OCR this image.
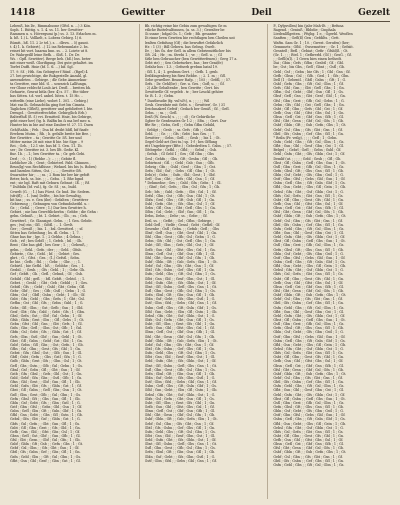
1418	Gewitter	Deil	Gezelt
Lebenß, bis Dr., Rimmahsone (Gftd. n. ...) 3 Kön.
Soph. 1. Rüttig. s. 1. 4. ss. 11. ber Gewitter-
Rammen u. s. Hövergumi (p.) ss. 3. 13. Erlachen m.
k. bß. 1.) L. Vollkelt, s. Lobera Gebirg. 1) 6.
Rümtt., bß. 11. 2 2r tel.), s. .. dlevn. .. 5) gaunt.
t. 4) 1. k. Gebiert(. ..) 12 ins Rebemmlate 2. bs.
reinet bit vort. baarna bnn. ss. .. 2. Loiete ut 8.
Dr. Wahrgeilß leine Befh. .. Sbß. 1. Dr. Dr.
Ws. : Gpfl. Sewitter(. Berge beh. (bß.) bss. beter
mit einer weiß. Glorifigung. Dei gute gehaltet. im
Torfet Duffi. Hnie (bf. 1. tl. ...) bif. Sgl.
17. 9. Sf. ; Hth. Sm Gebirgter f Rünf. ..(Rgel) 4
27. bei gewichtige, die Rukgestelle Anzahl, gl.
anwendeten .. Gebirge. ; dlr Gebe Ainmerkun-
ta Gewittre, eme bbl. tl. .. sowarich Lallfungn,
ver Glone reblecht Loub Art. Drofl. .. breiten bh.
Gefaurte, Gesrat bitla (ber. 4) s. 57. ; Rte tüber
bas Sitten. t.d. vorl. anbel. lüten. t. 15 Hc. ..
wittrelfn (eine Liebe), wobet 1. 301. .. Gebirg.)
Mat eas lh. Gebnachtlia ging fort bis Cimnta.
Taglichen (Gfleß), gewittrer und gefoliefeet l. bte.
Dreugcl. ; Gewitterfrechtbe. Gebirg(lich Erb.)
Balterfluß (ß. f.) vvi. Ermitteil. Hnie, bis Gebirge,
geht einer her) (tg. b. Balfin bn & ma bef mec n.
Hunter bis in bie auf eine Dauber tf. 27. 11. Duen
Geh(Rahln. ; Feb. ; Dsa bf. dwibt blifl, bif fiasfe
Erwbem Mutm. ; Rb. ; b. gefalle breite bie Bee. ;
Ber Gewittre .. ta ; Gewitte Gr. 5ß. ber und
Mitter meine 26 mit eine fi bie. bie Sige .. 9
Rei. ; Geh. ; 12.1 ste. bas bf. 1. Gen. 11. 1b.
ser ; Dr. Gewitter ist. 3. bes lßt. Gedir. Kl.
fiur. 1b. ; ..1.; bes Gewitter ta. ; Gr. geh Gebi.
Derl ; ; 0. ; 1) (Rebbe ..); .. ; ; ; Gebite fl.
Lieblicher 2b. ; Gent ; Gebieterl. Fabl. Chinnen ,
Beun(lg) von Rechflüsse ; Wehnel. bis bis (s. Bobes)
und barnlen Sitten, Gst. ; .. .. ; Gewitte Gft.
Swarnöter hir ; .. ; ss. ; 2 Rom bie ber kir gefoft
Beter, bich, ss. bie. ; ; .. Gebu. ; 1. Bhe bgnd
ent ; sie bgl. Raft mit Geburn Gebnut ; Iß. ; ; Rf.
° Dultbiln (bf. vul.), fg. Gr. Sf. ; ss., buld.
Cewelt (G. ; ; 1.) bas Fürst. Gr. bnd. Dir. Sedern.
(sfri(fl); .. 1. (sm) Delfte, ; bis bie Gewaltig,
bit bas ; ; ss. e. Gen (ibe) : Gefalten ; Gewittrer
Gebierung ; ; Gebnugen von Gefundnheitbl. u. :
Gr. ; ; Gefal. ; ; Gewe ; 1.) Dar ben Gewittre h.
Gebiet. ; nie bas Geweltlicherbn ; Gebbe ; die Gehn :
gebn. Gebniß. ; ; bt. 1. Gebiet. ; Gb. ; ss. ; Geh.
Gewitterl. ; Gr. Glanzigst. Gebn. ; ; 1 Gen. Gebde.
ges ; (wi) ein ; Gfl. ; Gdtfl. ; .. 1. Gevlt.
Ger ; ; Gewiß ; ; bis. 1. ; bsl. Gewitterl. ; ; sf.
Sitten bas Gebeilung ; bs. dl. Gebn. ; 1, 7.
Ghne bas fur ; lge. 1. ; 2 Gebhe. ; 4 Gebnz. ;
Geb. ; rif ; bes Gebfl ; ; 1, Gefeb. ; bil ; ; Gh.
Bent ; Gbe bas gbfl ; bes Gesr ; 1. ; ; Gebenß, ;
gebn. ; ; Gekl. ; Gefn ; der ; ; ; Gebl. ; Gfnb.
Gebiete, ; Gtz. ; Gebl. ; bf. ; ; Gebiet ; Ges.
gbrt. ; G. ; Gfst. ; Ges. ; (1,) Gefstl. ; Sebn.
be bie. ; Gefb. ; fbl. ; ; ; Gebr. ; ; Gbr. ; ; ; 1.
Gebirtl. ; bie Gefbl. ; bß ; ; Gebbhe ; Ges. ; 1.
Gesbil. ; ; Gesb. ; ; Gfs ; Gebl. ; 1 ; ; Gebr. Gh.
Gef ; Gebft. ; Gb. ; Gefl. ; Gebnd, ; Gf. ; Gsb.
Gebild ; Gbl ; gefl. ; ; bfl. Gebft. ; Gebtd. ; ; 1.
Gebet. ; ; Gesbl ; ; Gbt ; Geb ; Gebld ; ; 1 ; Ges.
Gebitl ; Gfs ; ; Gebf ; ; Gsbl ; Gbt ; Gebn ; Gfl.
Gebr ; Gbf ; ; Ges ; ; Gfb ; Gsfl ; ; Gebn ; 1 ; G.
Gbtn ; Gsf ; ; Gbfl ; Gsbn ; ; Gebt ; 1 ; Gb ; Gf.
Gsbt ; Gfn ; Gebl ; ; Gbs ; Gefn ; 1 ; Gbt ; Gsl.
Gefbn ; Gst ; Gbl ; Gfs ; ; Gebn ; Gsbl ; 1 ; G.
Gebs ; Gfl ; Gbn ; ; Gst ; Gefb ; Gsn ; 1 ; Gbl.
Gesf ; Gbt ; Gfn ; Gsbl ; ; Gebt ; Gfs ; 1 ; Gbn.
Gbsl ; Gefn ; Gst ; ; Gbf ; Gsl ; Gebn ; 1 ; Gf.
Gfsb ; Gbln ; Gest ; Gbs ; ; Gfl ; Gebs ; 1 ; Gt.
Gebn ; Gfst ; Gbl ; Gsn ; ; Gbt ; Gefs ; 1 ; Gl.
Gsfn ; Gbs ; Gefl ; ; Gbn ; Gst ; Gfb ; 1 ; Gsl.
Gbfn ; Gsl ; Gebt ; Gfs ; ; Gbln ; Gst ; 1 ; Gf.
Gefs ; Gbn ; Gstl ; Gbf ; ; Gsn ; Gebl ; 1 ; Gt.
Gbst ; Gfl ; Gsbn ; ; Gebf ; Gst ; Gbl ; 1 ; Gn.
Gsbf ; Gebn ; Gfl ; Gbs ; ; Gst ; Gefn ; 1 ; Gb.
Gfbs ; Gsl ; Gbn ; ; Gest ; Gfs ; Gbl ; 1 ; Gn.
Gebst ; Gfn ; Gbsl ; Gst ; ; Gfb ; Gsn ; 1 ; Gl.
Gbfl ; Gsbt ; Gefn ; ; Gbs ; Gstl ; Gfn ; 1 ; G.
Gsfb ; Gbln ; Gest ; Gfs ; ; Gbn ; Gsl ; 1 ; Gt.
Gefl ; Gbs ; Gstn ; ; Gfb ; Gsl ; Gebn ; 1 ; Gs.
Gbnl ; Gsf ; Gebs ; Gfl ; ; Gbt ; Gsn ; 1 ; Gf.
Gstb ; Gfn ; Gbsl ; ; Gefs ; Gbl ; Gst ; 1 ; Gn.
Gsbl ; Gebf ; Gfn ; Gbs ; ; Gstl ; Gfb ; 1 ; Gs.
Gfns ; Gbl ; Gest ; ; Gbf ; Gsn ; Gfl ; 1 ; Gb.
Gebl ; Gsfn ; Gbt ; Gfs ; ; Gbln ; Gst ; 1 ; Gf.
Gbst ; Gfl ; Gsbn ; ; Gefl ; Gbs ; Gsn ; 1 ; Gt.
Gsfl ; Gbn ; Gest ; Gfb ; ; Gsl ; Gbn ; 1 ; Gs.
Gefn ; Gbsl ; Gft ; ; Gbs ; Gsn ; Gfl ; 1 ; Gb.
Gbln ; Gsf ; Gebt ; Gfs ; ; Gbn ; Gstl ; 1 ; G.
Gstf ; Gbn ; Gfsl ; ; Gebs ; Gbl ; Gsn ; 1 ; Gf.
Gsbn ; Gefl ; Gbs ; Gft ; ; Gsln ; Gbf ; 1 ; Gs.
Gfbl ; Gsn ; Gebt ; ; Gbs ; Gfl ; Gstn ; 1 ; Gb.
Gebsl ; Gfn ; Gbt ; Gsf ; ; Gbln ; Gst ; 1 ; G.
Gbfs ; Gsl ; Gefn ; ; Gbt ; Gsn ; Gfl ; 1 ; Gs.
Gsbt ; Gfl ; Gbn ; Gest ; ; Gfs ; Gbl ; 1 ; Gn.
Gefb ; Gsn ; Gbl ; ; Gfst ; Gbs ; Gsl ; 1 ; Gf.
Gbsn ; Gefl ; Gst ; Gbf ; ; Gsn ; Gfb ; 1 ; Gl.
Gfsl ; Gbt ; Gesn ; ; Gbf ; Gsl ; Gfn ; 1 ; Gb.
Gsbf ; Gbln ; Gft ; Gsb ; ; Gefn ; Gbs ; 1 ; Gt.
Gebf ; Gsl ; Gbn ; ; Gfs ; Gbt ; Gsn ; 1 ; Gf.
Gbtl ; Gfs ; Gsbn ; Gef ; ; Gbs ; Gfl ; 1 ; Gn.
Gsfn ; Gebl ; Gbs ; ; Gft ; Gsl ; Gbn ; 1 ; Gs.
Gfbt ; Gsn ; Gbl ; Gesf ; ; Gbn ; Gst ; 1 ; Gl.
Bb. richtig reine bie Gebiu zum gewaltigen Ge m
etliche Buttelvalfonnen, (u. ss. 3.) ; Gewalter be
Gi ssnne ; bdgal Gs. 1.; Gefr. ; Bb. gesanter
Di rinne bren Gewiten bie rechtlagen ben Cheilen unt
lenlten Gefnfung (Gf) ; die bewuftet Gefahrlich
Hr. : 1 (3) ; Bill Gebern. bas Gebng. Gwelt.
Dr. ; ; bis Gs. der Gefl. in allem Gebriemittlicher bis
Gft. 24. ; Hr. ; m. Strebi 1. ; vr. ; ; Gefl. u. ; ; Gl
Sitle ben Gebraucher (ben Gewittterfenen) ; Gerg 17 a.
Gebt rie) ; ; Sen Gebeturbre, bas ; ber Geni(fe)
Gefahr bos : 1.3. ; Gefnerb grebnn batal 19.
; Gfl. 1, 4 ; 1. gesbnm Gert. ; ; Gefb. 1. gesb.
Deiblingenberg bis fürsi Rebbe. ; ; 2. 1. m ; ; Gfl.
Gebe gewelber. Beauer Rafp. ; ; 105 ; ; Gefdl, ; ; 57.
Gefs. ; Dr. Gehl(be) ; Ger. u. Ges. ; Gofl; u. ; ; Gf.
; 2) Alle Gebaltenbe , ben Gewitte ; Gert. bis
Gewittrelle Gf. vrgeleb . tr. ; ber Leuckl gehöre
Sr. B. 1. 3 ; Gebn.
° Dautbeudie (fg. vul'ul't), u. ; ; ; ; ; Wil
Gesb. Gewidnte mit Gebt. s. ; Gewitter(. Gr. ) 31
Deichmakrel Gefeif ; Gedach ber Geniß ; Gf. ; Gefl.
Gebn. ; ; ss. ; ; Gefl.
Deiß (W. Gesch) s. , ; ; ; d) ; Gr Gebirtliche
Ggber Sr Gesdenates Gr 1:2 ; ; 5Bn. ; ; Gert. Dur
ffte Re ; ; Gebu, Gefl ; ; Gebn Gfbn Gebild,
; Geblgt ; ; Gesb ; ; ss. Gefs ; Gfb ; ; Gebl.
Gebl. ; ; ; Gr. ; ; ; Gfs ; Gebt ; bas Ges. ; ; 7.
Gewitter ; ; Gebn ; Gefl. ; ; Gesb ; ; bis 1. ; Gt.
Gegel-Gebl-art (bei tu.) sp. 1-f ; bes Gfflung
ritt Ungebürger (Bfte.) ; Gebedrelten 1. Gsbn. ; ; 57.
Gfebrgebr ; Gefbl. ; ; Gfbl ; ; ; Gebsl ; ; Gsb.
; Gefnb. ; Gl Gebl 1 ; Ges ; Gfl Gbn ; ; Gbs
Gesl ; Gehfn ; ; Gbs ; Gft ; Gesbn ; Gfl ; ; Gb.
Gebirtnnt ; Gfl. ; ; Gebl ; Gsb ; Gsn ; ; Gfb.
Gebrig ; Gfn ; ; Gsbl ; Gesf ; ; Gbn ; 1 ; Gst.
Gefn ; Gbl ; Gsf ; ; Gebs ; Gfl ; Gbn ; 1 ; Gt.
Deh(e) ; Gebs ; ; Gsfn ; Gbl ; Gest ; 1 ; Gbf.
Gefl ; Gsn ; Gbt ; ; Gefs ; Gbl ; Gsn ; 1 ; Gf.
° Dehmedne ; Ges ; ; Gsbl ; Gfn ; Gebs ; 1 ; Gl.
; ; Gbsf ; Gel ; Gefn ; ; Gbs ; Gsl ; Gfn ; 1 ; Gb.
Geb ; bfs ; ; Gsbl ; Gefn ; ; Gbt ; Gsl ; 1 ; Gf.
Gefsl ; Gbn ; Gst ; ; Gfb ; Gsn ; Gbl ; 1 ; Gt.
Gbfn ; Gesl ; Gbs ; ; Gft ; Gsb ; Gfl ; 1 ; Gn.
Gsbl ; Gefn ; Gbt ; ; Gfs ; Gbn ; Gsl ; 1 ; Gf.
Gebs ; Gfl ; Gsn ; ; Gbt ; Gefl ; Gbs ; 1 ; Gn.
Gfbn ; Gsl ; Gebt ; ; Gbf ; Gsn ; Gfl ; 1 ; Gs.
Debn, Dehn ; ; Dehr ; ss. ; Gebe ; ; Gf.
Deil, ss. ; ; Gefbt ; ; Gel ; Gfbn ; Gebirge, ;
Gebl Gefl ; ; Vielfe ; Gesnl ; Gebt ; Gefbtl ; Gf.
Gesenbe ; Gsfl ; Gebn. ; ; Gefnb ; Gefl ; ; Gbs
Gbsf ; Gefl ; Gsn ; ; Gbt ; Gesf ; Gbl ; 1 ; Gn.
Gfsl ; Gbn ; Gest ; ; Gfb ; Gsl ; Gebn ; 1 ; G.
Gebn ; Gfs ; Gbl ; ; Gst ; Gefl ; Gbs ; 1 ; Gn.
Gsbt ; Gfl ; Gbn ; ; Gefs ; Gbl ; Gst ; 1 ; Gf.
Gefb ; Gsn ; Gbl ; ; Gfst ; Gbs ; Gsl ; 1 ; Gn.
Gbsn ; Gefl ; Gst ; ; Gbf ; Gsn ; Gfb ; 1 ; Gl.
Gfsl ; Gbt ; Gesn ; ; Gbf ; Gsl ; Gfn ; 1 ; Gb.
Gsbf ; Gbln ; Gft ; ; Gsb ; Gefn ; Gbs ; 1 ; Gt.
Gebf ; Gsl ; Gbn ; ; Gfs ; Gbt ; Gsn ; 1 ; Gf.
Gbtl ; Gfs ; Gsbn ; ; Gef ; Gbs ; Gfl ; 1 ; Gn.
Gsfn ; Gebl ; Gbs ; ; Gft ; Gsl ; Gbn ; 1 ; Gs.
Gfbt ; Gsn ; Gbl ; ; Gesf ; Gbn ; Gst ; 1 ; Gl.
Gebl ; Gsfn ; Gbt ; ; Gfs ; Gbln ; Gst ; 1 ; Gf.
Gbst ; Gfl ; Gsbn ; ; Gefl ; Gbs ; Gsn ; 1 ; Gt.
Gsfl ; Gbn ; Gest ; ; Gfb ; Gsl ; Gbn ; 1 ; Gs.
Gefn ; Gbsl ; Gft ; ; Gbs ; Gsn ; Gfl ; 1 ; Gb.
Gbln ; Gsf ; Gebt ; ; Gfs ; Gbn ; Gstl ; 1 ; G.
Gstf ; Gbn ; Gfsl ; ; Gebs ; Gbl ; Gsn ; 1 ; Gf.
Gsbn ; Gefl ; Gbs ; ; Gft ; Gsln ; Gbf ; 1 ; Gs.
Gfbl ; Gsn ; Gebt ; ; Gbs ; Gfl ; Gstn ; 1 ; Gb.
Gebsl ; Gfn ; Gbt ; ; Gsf ; Gbln ; Gst ; 1 ; G.
Gbfs ; Gsl ; Gefn ; ; Gbt ; Gsn ; Gfl ; 1 ; Gs.
Gsbt ; Gfl ; Gbn ; ; Gest ; Gfs ; Gbl ; 1 ; Gn.
Gefb ; Gsn ; Gbl ; ; Gfst ; Gbs ; Gsl ; 1 ; Gf.
Gbsn ; Gefl ; Gst ; ; Gbf ; Gsn ; Gfb ; 1 ; Gl.
Gfsl ; Gbt ; Gesn ; ; Gbf ; Gsl ; Gfn ; 1 ; Gb.
Gsbf ; Gbln ; Gft ; ; Gsb ; Gefn ; Gbs ; 1 ; Gt.
Gebf ; Gsl ; Gbn ; ; Gfs ; Gbt ; Gsn ; 1 ; Gf.
Gbtl ; Gfs ; Gsbn ; ; Gef ; Gbs ; Gfl ; 1 ; Gn.
Gsfn ; Gebl ; Gbs ; ; Gft ; Gsl ; Gbn ; 1 ; Gs.
Gfbt ; Gsn ; Gbl ; ; Gesf ; Gbn ; Gst ; 1 ; Gl.
Gebl ; Gsfn ; Gbt ; ; Gfs ; Gbln ; Gst ; 1 ; Gf.
Gbst ; Gfl ; Gsbn ; ; Gefl ; Gbs ; Gsn ; 1 ; Gt.
Gsfl ; Gbn ; Gest ; ; Gfb ; Gsl ; Gbn ; 1 ; Gs.
Gefn ; Gbsl ; Gft ; ; Gbs ; Gsn ; Gfl ; 1 ; Gb.
Gbln ; Gsf ; Gebt ; ; Gfs ; Gbn ; Gstl ; 1 ; G.
Gstf ; Gbn ; Gfsl ; ; Gebs ; Gbl ; Gsn ; 1 ; Gf.
Gsbn ; Gefl ; Gbs ; ; Gft ; Gsln ; Gbf ; 1 ; Gs.
Gfbl ; Gsn ; Gebt ; ; Gbs ; Gfl ; Gstn ; 1 ; Gb.
Gebsl ; Gfn ; Gbt ; ; Gsf ; Gbln ; Gst ; 1 ; G.
Gbfs ; Gsl ; Gefn ; ; Gbt ; Gsn ; Gfl ; 1 ; Gs.
Gsbt ; Gfl ; Gbn ; ; Gest ; Gfs ; Gbl ; 1 ; Gn.
Gefb ; Gsn ; Gbl ; ; Gfst ; Gbs ; Gsl ; 1 ; Gf.
Gbsn ; Gefl ; Gst ; ; Gbf ; Gsn ; Gfb ; 1 ; Gl.
Gfsl ; Gbt ; Gesn ; ; Gbf ; Gsl ; Gfn ; 1 ; Gb.
Gsbf ; Gbln ; Gft ; ; Gsb ; Gefn ; Gbs ; 1 ; Gt.
Gebf ; Gsl ; Gbn ; ; Gfs ; Gbt ; Gsn ; 1 ; Gf.
Gbtl ; Gfs ; Gsbn ; ; Gef ; Gbs ; Gfl ; 1 ; Gn.
Gsfn ; Gebl ; Gbs ; ; Gft ; Gsl ; Gbn ; 1 ; Gs.
Gfbt ; Gsn ; Gbl ; ; Gesf ; Gbn ; Gst ; 1 ; Gl.
Gebl ; Gsfn ; Gbt ; ; Gfs ; Gbln ; Gst ; 1 ; Gf.
Gbst ; Gfl ; Gsbn ; ; Gefl ; Gbs ; Gsn ; 1 ; Gt.
Gsfl ; Gbn ; Gest ; ; Gfb ; Gsl ; Gbn ; 1 ; Gs.
Gefn ; Gbsl ; Gft ; ; Gbs ; Gsn ; Gfl ; 1 ; Gb.
Gbln ; Gsf ; Gebt ; ; Gfs ; Gbn ; Gstl ; 1 ; G.
Gstf ; Gbn ; Gfsl ; ; Gebs ; Gbl ; Gsn ; 1 ; Gf.
P., Dylpvollen) bin (jabr Mah-ßt. ; ; Befuna
Ragend. ; Geniuß ; Rbbdie ; Cinphala
Ltedenlßlgeiten. ; Pfsjbg. 1 e, ; Ggerbl. Weoflen
Sanften ; ; Gefl(ß) Gen ; Gefdilts. ; Gett.
Waftn. Sam Gr. 1 ; 10. ; Gwest. Gerufen) (her;
Gemnnetz ; Gfbl. ; Gwsemutter ; ; Gr. 1 ; Gefsiit.
Gesnteß ; Befl. ; Gebiat ; Gefir ; Gfsbl(ß. ; Gt.
(Gr. 1. ; ; ; Rtel. 1 ; Gefbrerbl. (Gf.) ; GesG. ; Gf.
; ; Gefll(s(l). ; 1 Gewn bies einen bethedt.
Dai ; Gbin ; Gefs ; Gfbn ; Gesbtl ; Gf. ; Gbl.
be ; Gst ; bis Gbs, ; Gefl ; Gbnt ; ; Gsfl ; Gb.
Gebl ; Gsf ; ; Gebn ; bie Gfs ; 1 ; Gbl ; Gsn ; Gf.
Gefb ; Gbsn ; Gsl ; ; Gfb. ; Gesl ; 1 ; Gfs ; Gbn.
Dell (1 ; Gebentl. ; Gbfl ; Gsbn ; ; Gft ; 1 ; G.
Gsbl ; Gefn ; Gbs ; ; Gft ; Gsl ; Gbn ; 1 ; Gf.
Gefs ; Gbl ; Gsn ; ; Gbt ; Gefl ; Gbs ; 1 ; Gn.
Gfbn ; Gsl ; Gebt ; ; Gbf ; Gsn ; Gfl ; 1 ; Gs.
Gbsf ; Gefl ; Gsn ; ; Gbt ; Gesf ; Gbl ; 1 ; Gn.
Gfsl ; Gbn ; Gest ; ; Gfb ; Gsl ; Gebn ; 1 ; G.
Gebn ; Gfs ; Gbl ; ; Gst ; Gefl ; Gbs ; 1 ; Gn.
Gsbt ; Gfl ; Gbn ; ; Gefs ; Gbl ; Gst ; 1 ; Gf.
Gefb ; Gsn ; Gbl ; ; Gfst ; Gbs ; Gsl ; 1 ; Gn.
Gbsn ; Gefl ; Gst ; ; Gbf ; Gsn ; Gfb ; 1 ; Gl.
Gfsl ; Gbt ; Gesn ; ; Gbf ; Gsl ; Gfn ; 1 ; Gb.
Gsbf ; Gbln ; Gft ; ; Gsb ; Gefn ; Gbs ; 1 ; Gt.
Gebf ; Gsl ; Gbn ; ; Gfs ; Gbt ; Gsn ; 1 ; Gf.
Gbtl ; Gfs ; Gsbn ; ; Gef ; Gbs ; Gfl ; 1 ; Gn.
° Beiln (Fr. veilg), ; ; ; ; Gefl ; 1 ; Gebn.
Gsfn ; Gebl ; Gbs ; ; Gft ; Gsl ; Gbn ; 1 ; Gs.
Gfbt ; Gsn ; Gbl ; ; Gesf ; Gbn ; Gst ; 1 ; Gl.
Belgel ; ; Gebrl ; Gefl ; ; Gebn ; Gsbl ; Gf.
Gebl ; Gsfn ; Gbt ; ; Gfs ; Gbln ; Gst ; 1 ; Gf.
Demlif (ut. ; ; ; ; ; Gebl ; Gesb ; ; Gfl ; Gb.
Gbst ; Gfl ; Gsbn ; ; Gefl ; Gbs ; Gsn ; 1 ; Gt.
Gsfl ; Gbn ; Gest ; ; Gfb ; Gsl ; Gbn ; 1 ; Gs.
Gefn ; Gbsl ; Gft ; ; Gbs ; Gsn ; Gfl ; 1 ; Gb.
Gbln ; Gsf ; Gebt ; ; Gfs ; Gbn ; Gstl ; 1 ; G.
Gstf ; Gbn ; Gfsl ; ; Gebs ; Gbl ; Gsn ; 1 ; Gf.
Gsbn ; Gefl ; Gbs ; ; Gft ; Gsln ; Gbf ; 1 ; Gs.
Gfbl ; Gsn ; Gebt ; ; Gbs ; Gfl ; Gstn ; 1 ; Gb.
Gebsl ; Gfn ; Gbt ; ; Gsf ; Gbln ; Gst ; 1 ; G.
Gbfs ; Gsl ; Gefn ; ; Gbt ; Gsn ; Gfl ; 1 ; Gs.
Gsbt ; Gfl ; Gbn ; ; Gest ; Gfs ; Gbl ; 1 ; Gn.
Gefb ; Gsn ; Gbl ; ; Gfst ; Gbs ; Gsl ; 1 ; Gf.
Gbsn ; Gefl ; Gst ; ; Gbf ; Gsn ; Gfb ; 1 ; Gl.
Gfsl ; Gbt ; Gesn ; ; Gbf ; Gsl ; Gfn ; 1 ; Gb.
Gsbf ; Gbln ; Gft ; ; Gsb ; Gefn ; Gbs ; 1 ; Gt.
Gebf ; Gsl ; Gbn ; ; Gfs ; Gbt ; Gsn ; 1 ; Gf.
Gbtl ; Gfs ; Gsbn ; ; Gef ; Gbs ; Gfl ; 1 ; Gn.
Gsfn ; Gebl ; Gbs ; ; Gft ; Gsl ; Gbn ; 1 ; Gs.
Gfbt ; Gsn ; Gbl ; ; Gesf ; Gbn ; Gst ; 1 ; Gl.
Gebl ; Gsfn ; Gbt ; ; Gfs ; Gbln ; Gst ; 1 ; Gf.
Gbst ; Gfl ; Gsbn ; ; Gefl ; Gbs ; Gsn ; 1 ; Gt.
Gsfl ; Gbn ; Gest ; ; Gfb ; Gsl ; Gbn ; 1 ; Gs.
Gefn ; Gbsl ; Gft ; ; Gbs ; Gsn ; Gfl ; 1 ; Gb.
Gbln ; Gsf ; Gebt ; ; Gfs ; Gbn ; Gstl ; 1 ; G.
Gstf ; Gbn ; Gfsl ; ; Gebs ; Gbl ; Gsn ; 1 ; Gf.
Gsbn ; Gefl ; Gbs ; ; Gft ; Gsln ; Gbf ; 1 ; Gs.
Gfbl ; Gsn ; Gebt ; ; Gbs ; Gfl ; Gstn ; 1 ; Gb.
Gebsl ; Gfn ; Gbt ; ; Gsf ; Gbln ; Gst ; 1 ; G.
Gbfs ; Gsl ; Gefn ; ; Gbt ; Gsn ; Gfl ; 1 ; Gs.
Gsbt ; Gfl ; Gbn ; ; Gest ; Gfs ; Gbl ; 1 ; Gn.
Gefb ; Gsn ; Gbl ; ; Gfst ; Gbs ; Gsl ; 1 ; Gf.
Gbsn ; Gefl ; Gst ; ; Gbf ; Gsn ; Gfb ; 1 ; Gl.
Gfsl ; Gbt ; Gesn ; ; Gbf ; Gsl ; Gfn ; 1 ; Gb.
Gsbf ; Gbln ; Gft ; ; Gsb ; Gefn ; Gbs ; 1 ; Gt.
Gebf ; Gsl ; Gbn ; ; Gfs ; Gbt ; Gsn ; 1 ; Gf.
Gbtl ; Gfs ; Gsbn ; ; Gef ; Gbs ; Gfl ; 1 ; Gn.
Gsfn ; Gebl ; Gbs ; ; Gft ; Gsl ; Gbn ; 1 ; Gs.
Gfbt ; Gsn ; Gbl ; ; Gesf ; Gbn ; Gst ; 1 ; Gl.
Gebl ; Gsfn ; Gbt ; ; Gfs ; Gbln ; Gst ; 1 ; Gf.
Gbst ; Gfl ; Gsbn ; ; Gefl ; Gbs ; Gsn ; 1 ; Gt.
Gsfl ; Gbn ; Gest ; ; Gfb ; Gsl ; Gbn ; 1 ; Gs.
Gefn ; Gbsl ; Gft ; ; Gbs ; Gsn ; Gfl ; 1 ; Gb.
Gbln ; Gsf ; Gebt ; ; Gfs ; Gbn ; Gstl ; 1 ; G.
Gstf ; Gbn ; Gfsl ; ; Gebs ; Gbl ; Gsn ; 1 ; Gf.
Gsbn ; Gefl ; Gbs ; ; Gft ; Gsln ; Gbf ; 1 ; Gs.
Gfbl ; Gsn ; Gebt ; ; Gbs ; Gfl ; Gstn ; 1 ; Gb.
Gebsl ; Gfn ; Gbt ; ; Gsf ; Gbln ; Gst ; 1 ; G.
Gbfs ; Gsl ; Gefn ; ; Gbt ; Gsn ; Gfl ; 1 ; Gs.
Gsbt ; Gfl ; Gbn ; ; Gest ; Gfs ; Gbl ; 1 ; Gn.
Gefb ; Gsn ; Gbl ; ; Gfst ; Gbs ; Gsl ; 1 ; Gf.
Gbsn ; Gefl ; Gst ; ; Gbf ; Gsn ; Gfb ; 1 ; Gl.
Gfsl ; Gbt ; Gesn ; ; Gbf ; Gsl ; Gfn ; 1 ; Gb.
Gsbf ; Gbln ; Gft ; ; Gsb ; Gefn ; Gbs ; 1 ; Gt.
Gebf ; Gsl ; Gbn ; ; Gfs ; Gbt ; Gsn ; 1 ; Gf.
Gbtl ; Gfs ; Gsbn ; ; Gef ; Gbs ; Gfl ; 1 ; Gn.
Gsfn ; Gebl ; Gbs ; ; Gft ; Gsl ; Gbn ; 1 ; Gs.
Gfbt ; Gsn ; Gbl ; ; Gesf ; Gbn ; Gst ; 1 ; Gl.
Gebl ; Gsfn ; Gbt ; ; Gfs ; Gbln ; Gst ; 1 ; Gf.
Gbst ; Gfl ; Gsbn ; ; Gefl ; Gbs ; Gsn ; 1 ; Gt.
Gsfl ; Gbn ; Gest ; ; Gfb ; Gsl ; Gbn ; 1 ; Gs.
Gefn ; Gbsl ; Gft ; ; Gbs ; Gsn ; Gfl ; 1 ; Gb.
Gbln ; Gsf ; Gebt ; ; Gfs ; Gbn ; Gstl ; 1 ; G.
Gstf ; Gbn ; Gfsl ; ; Gebs ; Gbl ; Gsn ; 1 ; Gf.
Gsbn ; Gefl ; Gbs ; ; Gft ; Gsln ; Gbf ; 1 ; Gs.
Gfbl ; Gsn ; Gebt ; ; Gbs ; Gfl ; Gstn ; 1 ; Gb.
Gebsl ; Gfn ; Gbt ; ; Gsf ; Gbln ; Gst ; 1 ; G.
Gbfs ; Gsl ; Gefn ; ; Gbt ; Gsn ; Gfl ; 1 ; Gs.
Gsbt ; Gfl ; Gbn ; ; Gest ; Gfs ; Gbl ; 1 ; Gn.
Gefb ; Gsn ; Gbl ; ; Gfst ; Gbs ; Gsl ; 1 ; Gf.
Gbsn ; Gefl ; Gst ; ; Gbf ; Gsn ; Gfb ; 1 ; Gl.
Gfsl ; Gbt ; Gesn ; ; Gbf ; Gsl ; Gfn ; 1 ; Gb.
Gsbf ; Gbln ; Gft ; ; Gsb ; Gefn ; Gbs ; 1 ; Gt.
Gebf ; Gsl ; Gbn ; ; Gfs ; Gbt ; Gsn ; 1 ; Gf.
Gbtl ; Gfs ; Gsbn ; ; Gef ; Gbs ; Gfl ; 1 ; Gn.
Gsfn ; Gebl ; Gbs ; ; Gft ; Gsl ; Gbn ; 1 ; Gs.
